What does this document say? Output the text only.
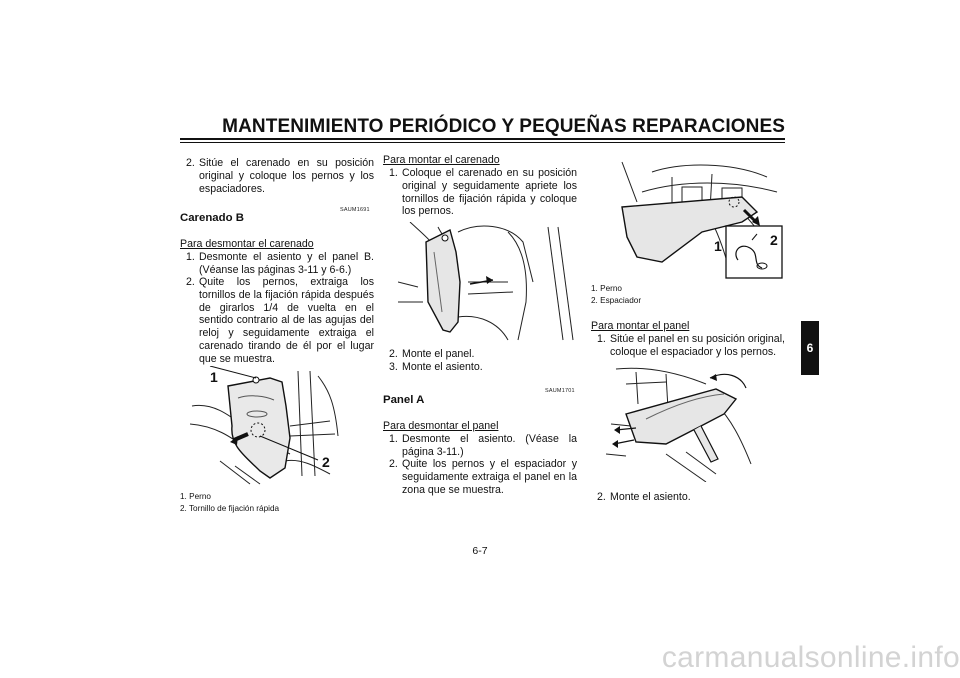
MANTENIMIENTO PERIÓDICO Y PEQUEÑAS REPARACIONES
6
2. Sitúe el carenado en su posición original y coloque los pernos y los espaciadores.
SAUM1691
Carenado B
Para desmontar el carenado
1. Desmonte el asiento y el panel B. (Véanse las páginas 3-11 y 6-6.)
2. Quite los pernos, extraiga los tornillos de la fijación rápida después de girarlos 1/4 de vuelta en el sentido contrario al de las agujas del reloj y seguidamente extraiga el carenado tirando de él por el lugar que se muestra.
1
2
1. Perno
2. Tornillo de fijación rápida
Para montar el carenado
1. Coloque el carenado en su posición original y seguidamente apriete los tornillos de fijación rápida y coloque los pernos.
2. Monte el panel.
3. Monte el asiento.
SAUM1701
Panel A
Para desmontar el panel
1. Desmonte el asiento. (Véase la página 3-11.)
2. Quite los pernos y el espaciador y seguidamente extraiga el panel en la zona que se muestra.
1	2
1. Perno
2. Espaciador
Para montar el panel
1. Sitúe el panel en su posición original, coloque el espaciador y los pernos.
2. Monte el asiento.
6-7
carmanualsonline.info
